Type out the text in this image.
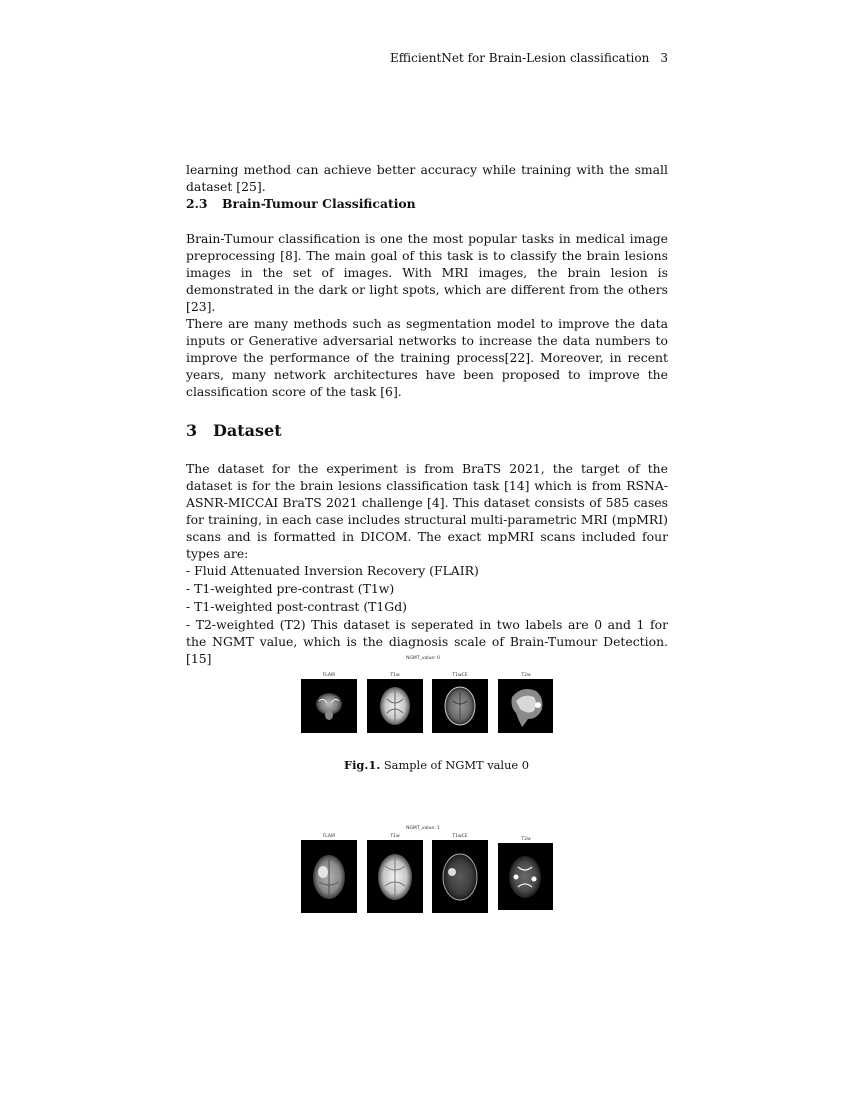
EfficientNet for Brain-Lesion classification 3

learning method can achieve better accuracy while training with the small dataset [25].

2.3 Brain-Tumour Classification

Brain-Tumour classification is one the most popular tasks in medical image preprocessing [8]. The main goal of this task is to classify the brain lesions images in the set of images. With MRI images, the brain lesion is demonstrated in the dark or light spots, which are different from the others [23].

There are many methods such as segmentation model to improve the data inputs or Generative adversarial networks to increase the data numbers to improve the performance of the training process[22]. Moreover, in recent years, many network architectures have been proposed to improve the classification score of the task [6].

3 Dataset

The dataset for the experiment is from BraTS 2021, the target of the dataset is for the brain lesions classification task [14] which is from RSNA-ASNR-MICCAI BraTS 2021 challenge [4]. This dataset consists of 585 cases for training, in each case includes structural multi-parametric MRI (mpMRI) scans and is formatted in DICOM. The exact mpMRI scans included four types are:

- Fluid Attenuated Inversion Recovery (FLAIR)

- T1-weighted pre-contrast (T1w)

- T1-weighted post-contrast (T1Gd)

- T2-weighted (T2) This dataset is seperated in two labels are 0 and 1 for the NGMT value, which is the diagnosis scale of Brain-Tumour Detection.[15]	NGMT_value: 0
FLAIR	T1w	T1wCE	T2w
Fig.1. Sample of NGMT value 0
NGMT_value: 1
FLAIR	T1w	T1wCE
T2w
